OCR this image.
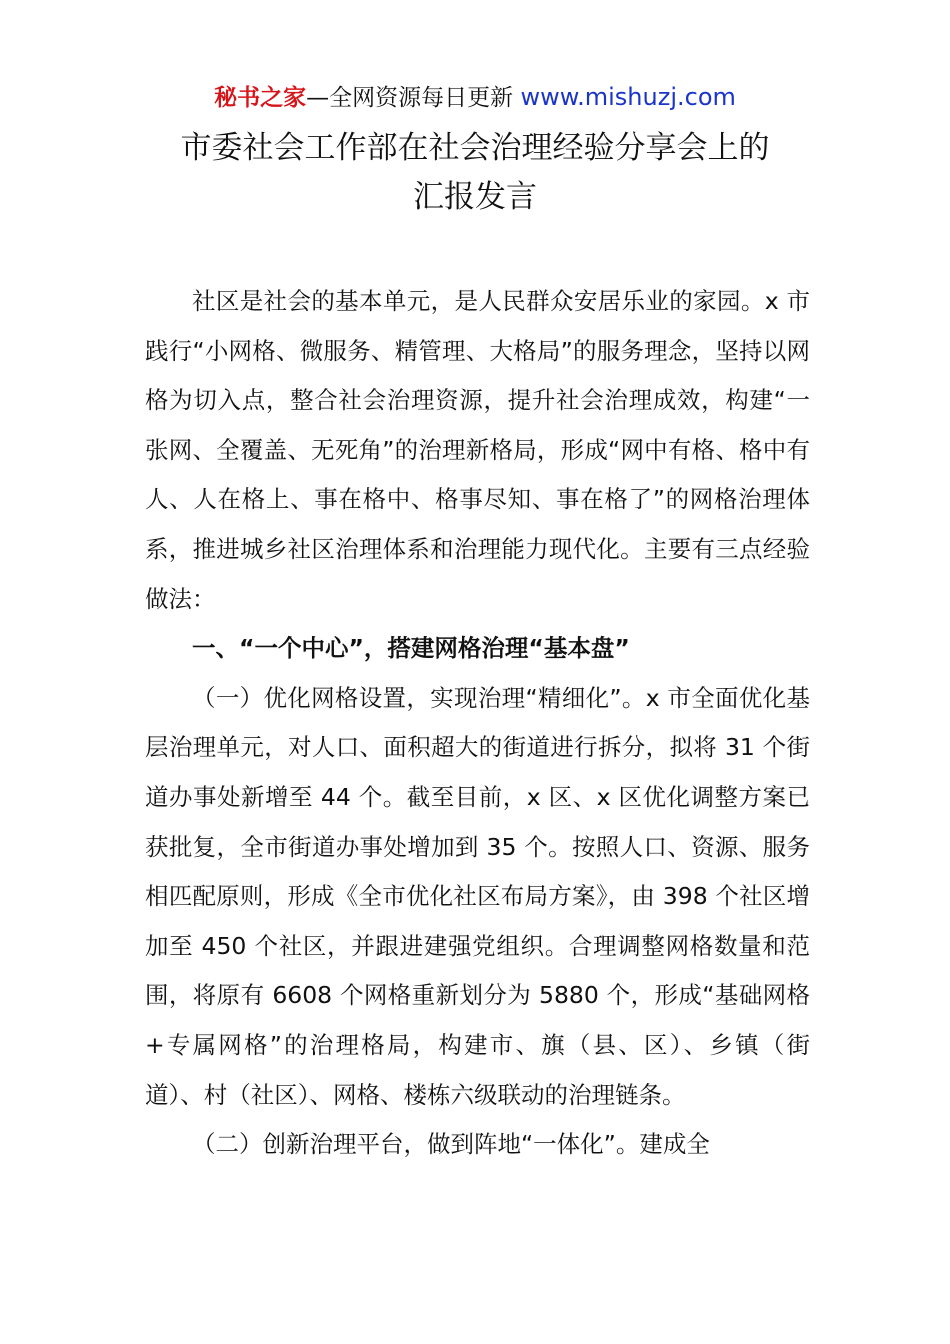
秘书之家—全网资源每日更新 www.mishuzj.com
市委社会工作部在社会治理经验分享会上的
汇报发言

社区是社会的基本单元，是人民群众安居乐业的家园。x 市践行“小网格、微服务、精管理、大格局”的服务理念，坚持以网格为切入点，整合社会治理资源，提升社会治理成效，构建“一张网、全覆盖、无死角”的治理新格局，形成“网中有格、格中有人、人在格上、事在格中、格事尽知、事在格了”的网格治理体系，推进城乡社区治理体系和治理能力现代化。主要有三点经验做法：

一、“一个中心”，搭建网格治理“基本盘”

（一）优化网格设置，实现治理“精细化”。x 市全面优化基层治理单元，对人口、面积超大的街道进行拆分，拟将 31 个街道办事处新增至 44 个。截至目前，x 区、x 区优化调整方案已获批复，全市街道办事处增加到 35 个。按照人口、资源、服务相匹配原则，形成《全市优化社区布局方案》，由 398 个社区增加至 450 个社区，并跟进建强党组织。合理调整网格数量和范围，将原有 6608 个网格重新划分为 5880 个，形成“基础网格+专属网格”的治理格局，构建市、旗（县、区）、乡镇（街道）、村（社区）、网格、楼栋六级联动的治理链条。

（二）创新治理平台，做到阵地“一体化”。建成全
